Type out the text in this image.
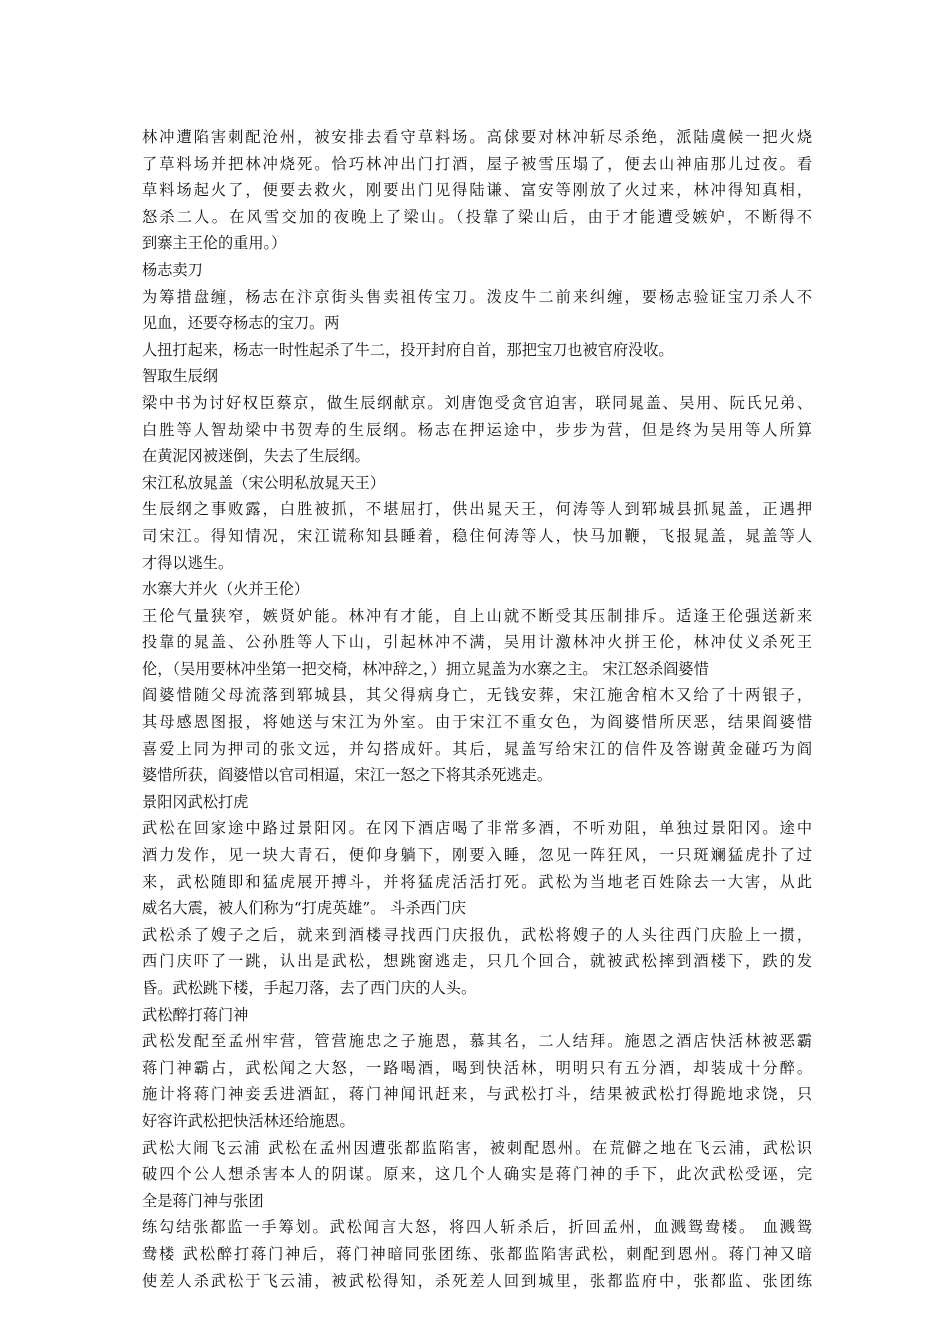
林冲遭陷害刺配沧州，被安排去看守草料场。高俅要对林冲斩尽杀绝，派陆虞候一把火烧
了草料场并把林冲烧死。恰巧林冲出门打酒，屋子被雪压塌了，便去山神庙那儿过夜。看
草料场起火了，便要去救火，刚要出门见得陆谦、富安等刚放了火过来，林冲得知真相，
怒杀二人。在风雪交加的夜晚上了梁山。（投靠了梁山后，由于才能遭受嫉妒，不断得不
到寨主王伦的重用。）
杨志卖刀
为筹措盘缠，杨志在汴京街头售卖祖传宝刀。泼皮牛二前来纠缠，要杨志验证宝刀杀人不
见血，还要夺杨志的宝刀。两
人扭打起来，杨志一时性起杀了牛二，投开封府自首，那把宝刀也被官府没收。
智取生辰纲
梁中书为讨好权臣蔡京，做生辰纲献京。刘唐饱受贪官迫害，联同晁盖、吴用、阮氏兄弟、
白胜等人智劫梁中书贺寿的生辰纲。杨志在押运途中，步步为营，但是终为吴用等人所算
在黄泥冈被迷倒，失去了生辰纲。
宋江私放晁盖（宋公明私放晁天王）
生辰纲之事败露，白胜被抓，不堪屈打，供出晁天王，何涛等人到郓城县抓晁盖，正遇押
司宋江。得知情况，宋江谎称知县睡着，稳住何涛等人，快马加鞭，飞报晁盖，晁盖等人
才得以逃生。
水寨大并火（火并王伦）
王伦气量狭窄，嫉贤妒能。林冲有才能，自上山就不断受其压制排斥。适逢王伦强送新来
投靠的晁盖、公孙胜等人下山，引起林冲不满，吴用计激林冲火拼王伦，林冲仗义杀死王
伦，（吴用要林冲坐第一把交椅，林冲辞之，）拥立晁盖为水寨之主。 宋江怒杀阎婆惜
阎婆惜随父母流落到郓城县，其父得病身亡，无钱安葬，宋江施舍棺木又给了十两银子，
其母感恩图报，将她送与宋江为外室。由于宋江不重女色，为阎婆惜所厌恶，结果阎婆惜
喜爱上同为押司的张文远，并勾搭成奸。其后，晁盖写给宋江的信件及答谢黄金碰巧为阎
婆惜所获，阎婆惜以官司相逼，宋江一怒之下将其杀死逃走。
景阳冈武松打虎
武松在回家途中路过景阳冈。在冈下酒店喝了非常多酒，不听劝阻，单独过景阳冈。途中
酒力发作，见一块大青石，便仰身躺下，刚要入睡，忽见一阵狂风，一只斑斓猛虎扑了过
来，武松随即和猛虎展开搏斗，并将猛虎活活打死。武松为当地老百姓除去一大害，从此
威名大震，被人们称为“打虎英雄”。 斗杀西门庆
武松杀了嫂子之后，就来到酒楼寻找西门庆报仇，武松将嫂子的人头往西门庆脸上一掼，
西门庆吓了一跳，认出是武松，想跳窗逃走，只几个回合，就被武松摔到酒楼下，跌的发
昏。武松跳下楼，手起刀落，去了西门庆的人头。
武松醉打蒋门神
武松发配至孟州牢营，管营施忠之子施恩，慕其名，二人结拜。施恩之酒店快活林被恶霸
蒋门神霸占，武松闻之大怒，一路喝酒，喝到快活林，明明只有五分酒，却装成十分醉。
施计将蒋门神妾丢进酒缸，蒋门神闻讯赶来，与武松打斗，结果被武松打得跪地求饶，只
好容许武松把快活林还给施恩。
武松大闹飞云浦 武松在孟州因遭张都监陷害，被刺配恩州。在荒僻之地在飞云浦，武松识
破四个公人想杀害本人的阴谋。原来，这几个人确实是蒋门神的手下，此次武松受诬，完
全是蒋门神与张团
练勾结张都监一手筹划。武松闻言大怒，将四人斩杀后，折回孟州，血溅鸳鸯楼。 血溅鸳
鸯楼 武松醉打蒋门神后，蒋门神暗同张团练、张都监陷害武松，刺配到恩州。蒋门神又暗
使差人杀武松于飞云浦，被武松得知，杀死差人回到城里，张都监府中，张都监、张团练
